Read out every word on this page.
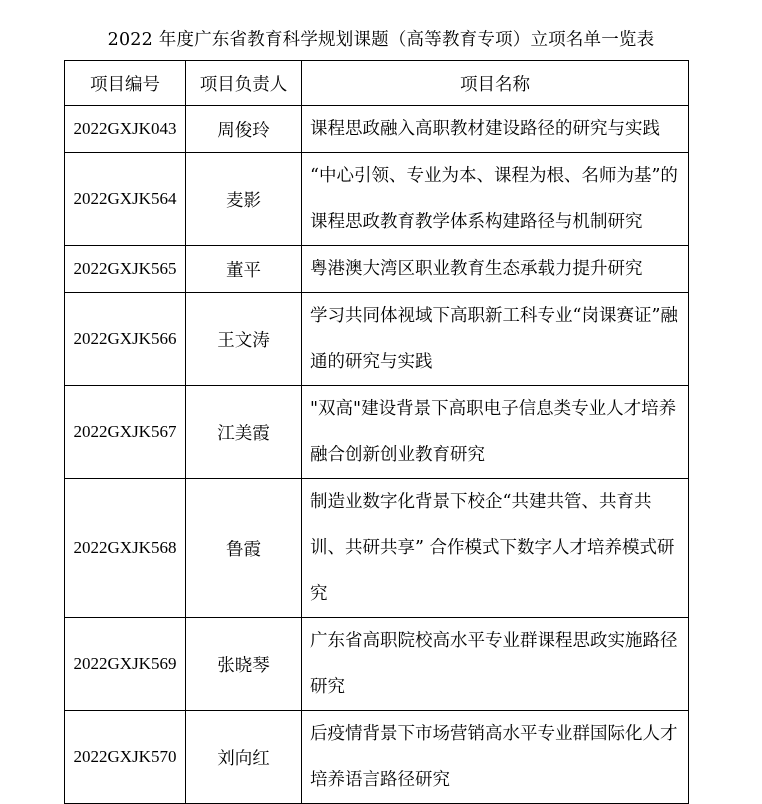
2022 年度广东省教育科学规划课题（高等教育专项）立项名单一览表
项目编号	项目负责人	项目名称
2022GXJK043	周俊玲	课程思政融入高职教材建设路径的研究与实践
2022GXJK564	麦影	“中心引领、专业为本、课程为根、名师为基”的课程思政教育教学体系构建路径与机制研究
2022GXJK565	董平	粤港澳大湾区职业教育生态承载力提升研究
2022GXJK566	王文涛	学习共同体视域下高职新工科专业“岗课赛证”融通的研究与实践
2022GXJK567	江美霞	"双高"建设背景下高职电子信息类专业人才培养融合创新创业教育研究
2022GXJK568	鲁霞	制造业数字化背景下校企“共建共管、共育共训、共研共享” 合作模式下数字人才培养模式研究
2022GXJK569	张晓琴	广东省高职院校高水平专业群课程思政实施路径研究
2022GXJK570	刘向红	后疫情背景下市场营销高水平专业群国际化人才培养语言路径研究
